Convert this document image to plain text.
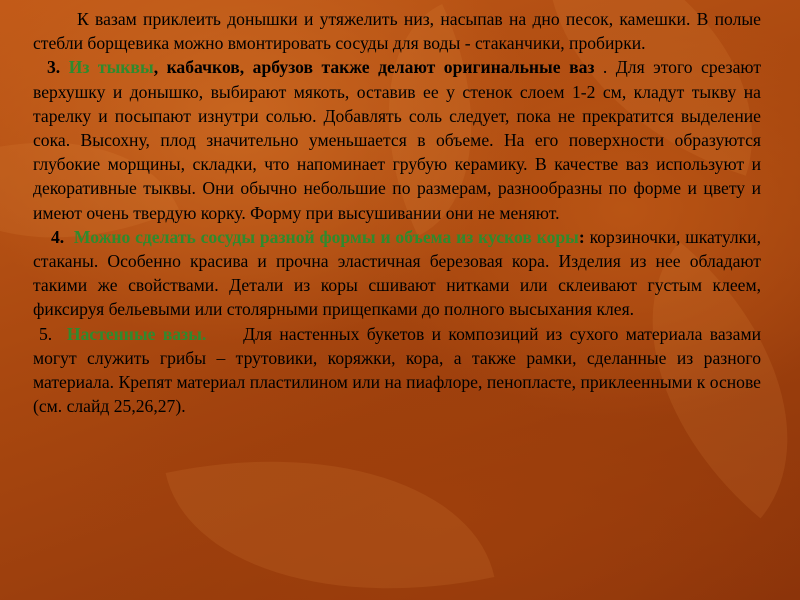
К вазам приклеить донышки и утяжелить низ, насыпав на дно песок, камешки. В полые стебли борщевика можно вмонтировать сосуды для воды - стаканчики, пробирки.

3. Из тыквы, кабачков, арбузов также делают оригинальные ваз . Для этого срезают верхушку и донышко, выбирают мякоть, оставив ее у стенок слоем 1-2 см, кладут тыкву на тарелку и посыпают изнутри солью. Добавлять соль следует, пока не прекратится выделение сока. Высохну, плод значительно уменьшается в объеме. На его поверхности образуются глубокие морщины, складки, что напоминает грубую керамику. В качестве ваз используют и декоративные тыквы. Они обычно небольшие по размерам, разнообразны по форме и цвету и имеют очень твердую корку. Форму при высушивании они не меняют.

4. Можно сделать сосуды разной формы и объема из кусков коры: корзиночки, шкатулки, стаканы. Особенно красива и прочна эластичная березовая кора. Изделия из нее обладают такими же свойствами. Детали из коры сшивают нитками или склеивают густым клеем, фиксируя бельевыми или столярными прищепками до полного высыхания клея.

5. Настенные вазы. Для настенных букетов и композиций из сухого материала вазами могут служить грибы – трутовики, коряжки, кора, а также рамки, сделанные из разного материала. Крепят материал пластилином или на пиафлоре, пенопласте, приклеенными к основе (см. слайд 25,26,27).
